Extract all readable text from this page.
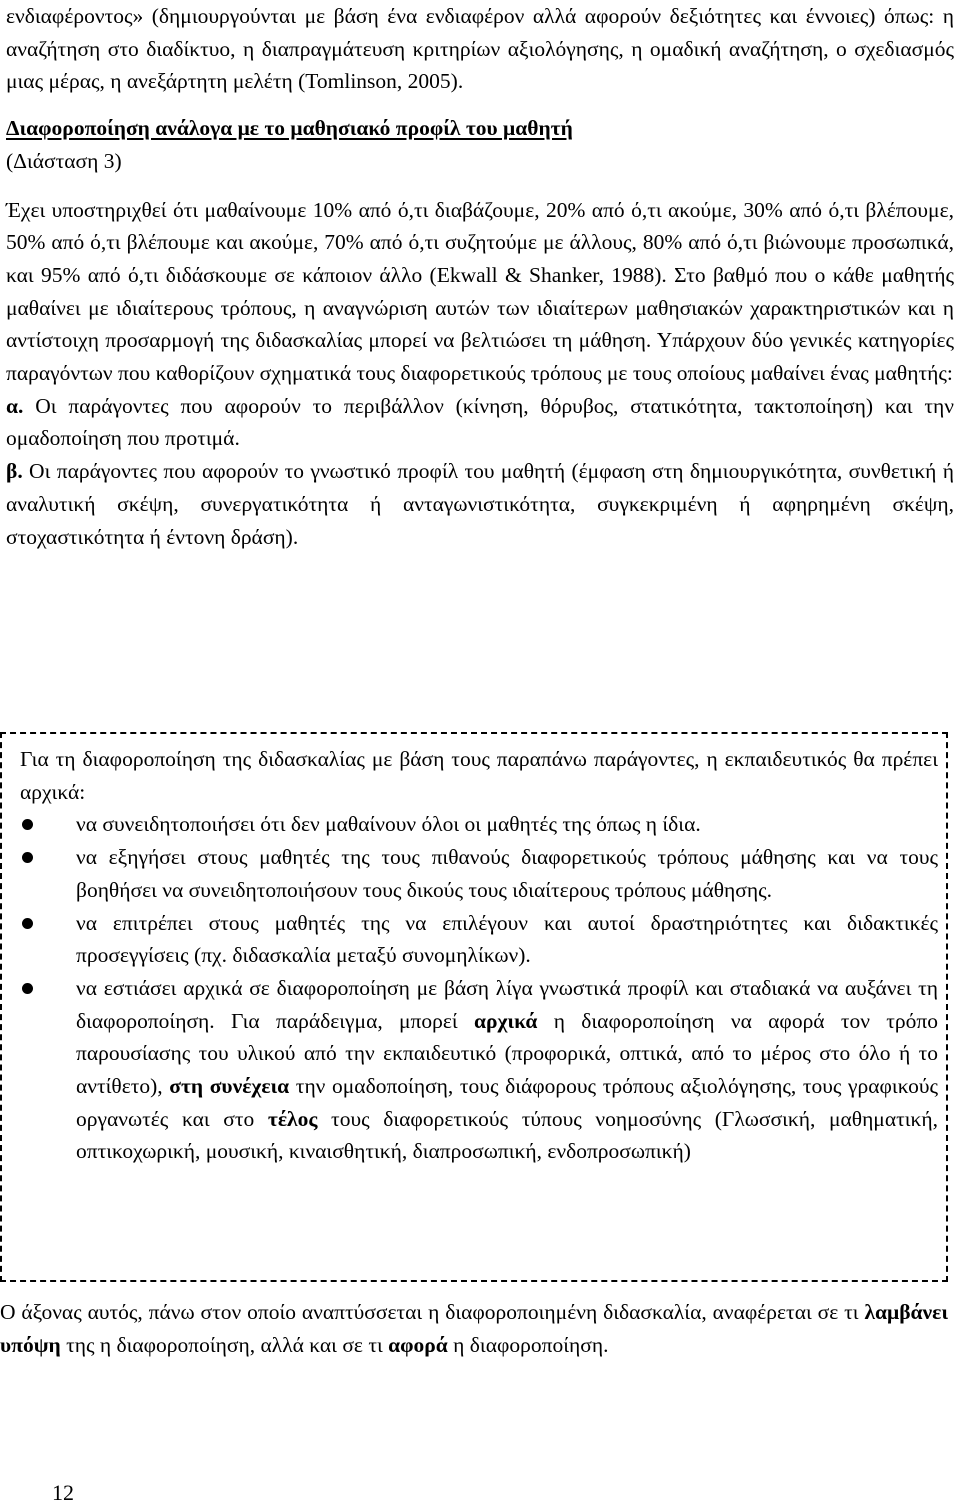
ενδιαφέροντος» (δημιουργούνται με βάση ένα ενδιαφέρον αλλά αφορούν δεξιότητες και έννοιες) όπως: η αναζήτηση στο διαδίκτυο, η διαπραγμάτευση κριτηρίων αξιολόγησης, η ομαδική αναζήτηση, ο σχεδιασμός μιας μέρας, η ανεξάρτητη μελέτη (Tomlinson, 2005).

Διαφοροποίηση ανάλογα με το μαθησιακό προφίλ του μαθητή
(Διάσταση 3)

Έχει υποστηριχθεί ότι μαθαίνουμε 10% από ό,τι διαβάζουμε, 20% από ό,τι ακούμε, 30% από ό,τι βλέπουμε, 50% από ό,τι βλέπουμε και ακούμε, 70% από ό,τι συζητούμε με άλλους, 80% από ό,τι βιώνουμε προσωπικά, και 95% από ό,τι διδάσκουμε σε κάποιον άλλο (Ekwall & Shanker, 1988). Στο βαθμό που ο κάθε μαθητής μαθαίνει με ιδιαίτερους τρόπους, η αναγνώριση αυτών των ιδιαίτερων μαθησιακών χαρακτηριστικών και η αντίστοιχη προσαρμογή της διδασκαλίας μπορεί να βελτιώσει τη μάθηση. Υπάρχουν δύο γενικές κατηγορίες παραγόντων που καθορίζουν σχηματικά τους διαφορετικούς τρόπους με τους οποίους μαθαίνει ένας μαθητής:

α. Οι παράγοντες που αφορούν το περιβάλλον (κίνηση, θόρυβος, στατικότητα, τακτοποίηση) και την ομαδοποίηση που προτιμά.

β. Οι παράγοντες που αφορούν το γνωστικό προφίλ του μαθητή (έμφαση στη δημιουργικότητα, συνθετική ή αναλυτική σκέψη, συνεργατικότητα ή ανταγωνιστικότητα, συγκεκριμένη ή αφηρημένη σκέψη, στοχαστικότητα ή έντονη δράση).

Για τη διαφοροποίηση της διδασκαλίας με βάση τους παραπάνω παράγοντες, η εκπαιδευτικός θα πρέπει αρχικά:

να συνειδητοποιήσει ότι δεν μαθαίνουν όλοι οι μαθητές της όπως η ίδια.
να εξηγήσει στους μαθητές της τους πιθανούς διαφορετικούς τρόπους μάθησης και να τους βοηθήσει να συνειδητοποιήσουν τους δικούς τους ιδιαίτερους τρόπους μάθησης.
να επιτρέπει στους μαθητές της να επιλέγουν και αυτοί δραστηριότητες και διδακτικές προσεγγίσεις (πχ. διδασκαλία μεταξύ συνομηλίκων).
να εστιάσει αρχικά σε διαφοροποίηση με βάση λίγα γνωστικά προφίλ και σταδιακά να αυξάνει τη διαφοροποίηση. Για παράδειγμα, μπορεί αρχικά η διαφοροποίηση να αφορά τον τρόπο παρουσίασης του υλικού από την εκπαιδευτικό (προφορικά, οπτικά, από το μέρος στο όλο ή το αντίθετο), στη συνέχεια την ομαδοποίηση, τους διάφορους τρόπους αξιολόγησης, τους γραφικούς οργανωτές και στο τέλος τους διαφορετικούς τύπους νοημοσύνης (Γλωσσική, μαθηματική, οπτικοχωρική, μουσική, κιναισθητική, διαπροσωπική, ενδοπροσωπική)

Ο άξονας αυτός, πάνω στον οποίο αναπτύσσεται η διαφοροποιημένη διδασκαλία, αναφέρεται σε τι λαμβάνει υπόψη της η διαφοροποίηση, αλλά και σε τι αφορά η διαφοροποίηση.

12
